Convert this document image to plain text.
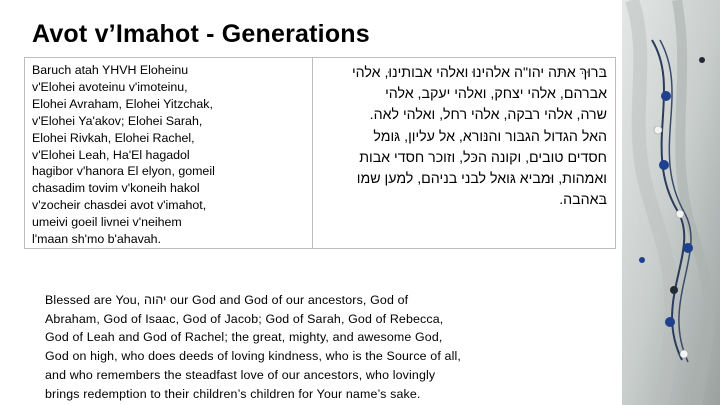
Avot v’Imahot - Generations
Baruch atah YHVH Eloheinu
v'Elohei avoteinu v'imoteinu,
Elohei Avraham, Elohei Yitzchak,
v'Elohei Ya'akov; Elohei Sarah,
Elohei Rivkah, Elohei Rachel,
v'Elohei Leah, Ha'El hagadol
hagibor v'hanora El elyon, gomeil
chasadim tovim v'koneih hakol
v'zocheir chasdei avot v'imahot,
umeivi goeil livnei v'neihem
l'maan sh'mo b'ahavah.
בּרוּךְ אתּה יהו"ה אלהינוּ ואלהי אבותינוּ, אלהי
אברהם, אלהי יצחק, ואלהי יעקב, אלהי
שרה, אלהי רבקה, אלהי רחל, ואלהי לאה.
האל הגדול הגבּור והנּורא, אל עליון, גּומל
חסדים טובים, וקונה הכּל, וזוכר חסדי אבות
ואמהות, וּמביא גּואל לבני בניהם, למען שמו
בּאהבה.
Blessed are You, יהוה our God and God of our ancestors, God of
Abraham, God of Isaac, God of Jacob; God of Sarah, God of Rebecca,
God of Leah and God of Rachel; the great, mighty, and awesome God,
God on high, who does deeds of loving kindness, who is the Source of all,
and who remembers the steadfast love of our ancestors, who lovingly
brings redemption to their children’s children for Your name’s sake.
